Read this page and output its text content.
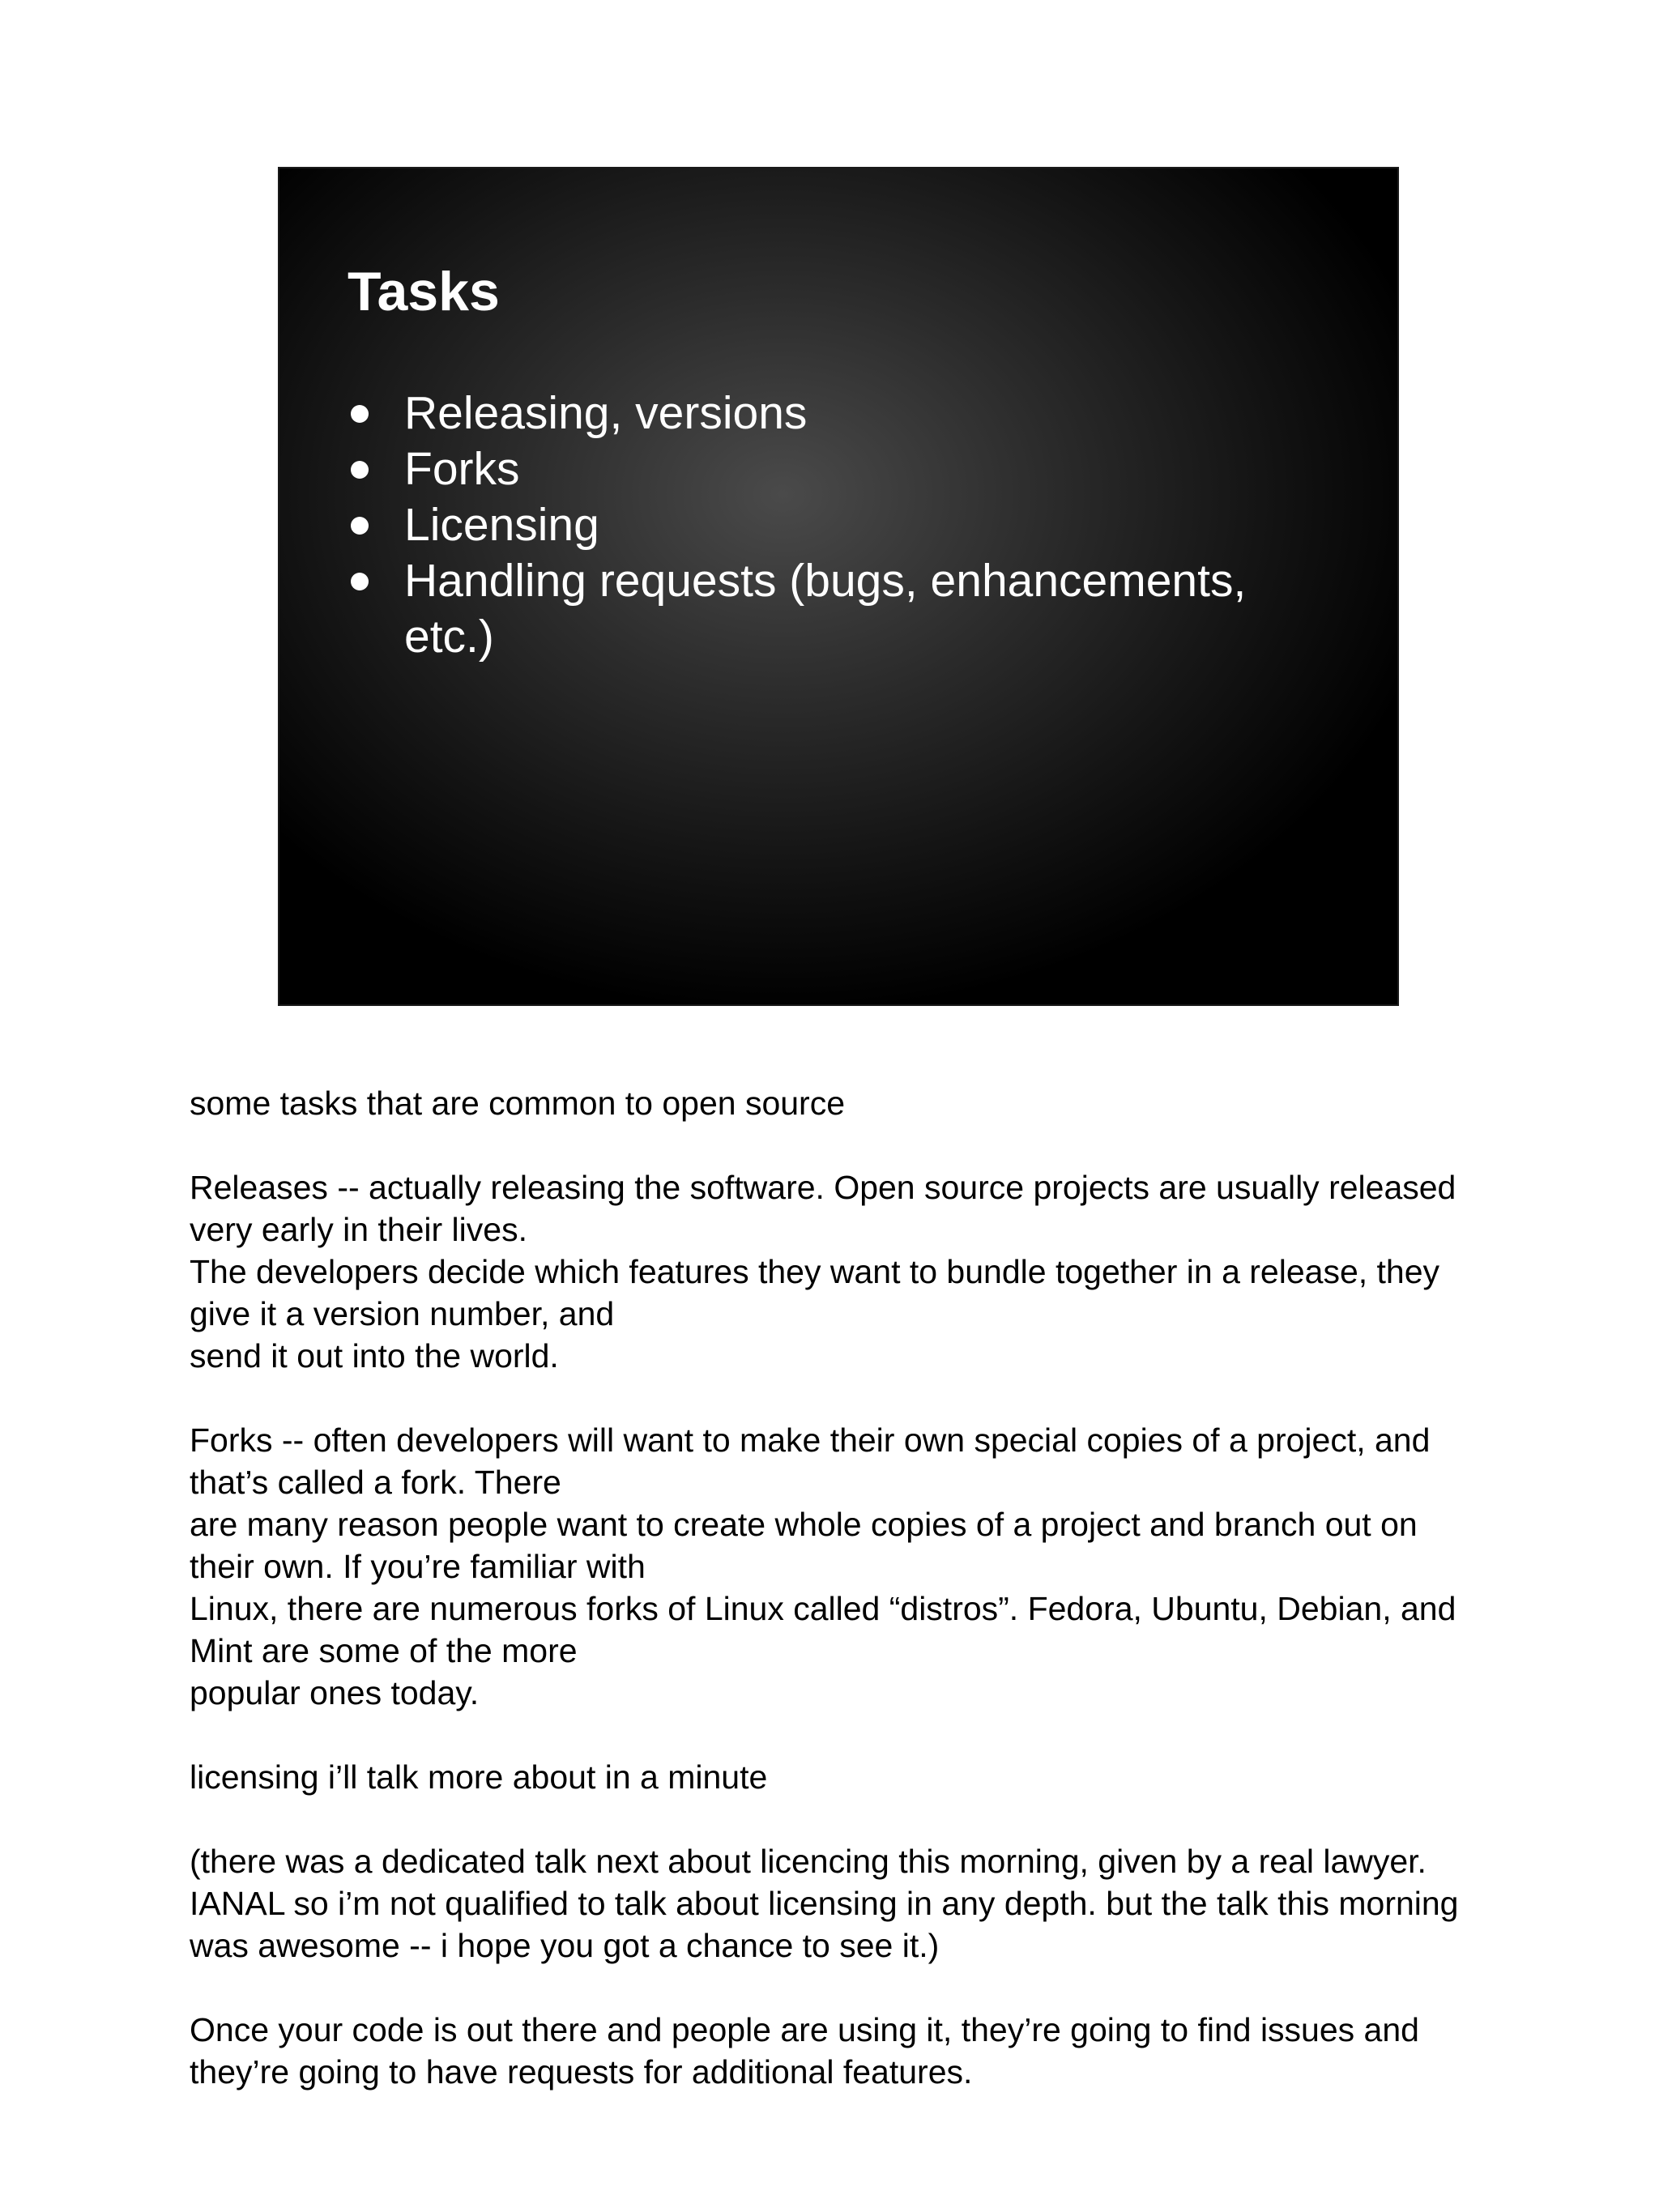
Tasks
Releasing, versions
Forks
Licensing
Handling requests (bugs, enhancements, etc.)

some tasks that are common to open source

Releases -- actually releasing the software. Open source projects are usually released very early in their lives.
The developers decide which features they want to bundle together in a release, they give it a version number, and
send it out into the world.

Forks -- often developers will want to make their own special copies of a project, and that’s called a fork. There
are many reason people want to create whole copies of a project and branch out on their own. If you’re familiar with
Linux, there are numerous forks of Linux called “distros”. Fedora, Ubuntu, Debian, and Mint are some of the more
popular ones today.

licensing i’ll talk more about in a minute

(there was a dedicated talk next about licencing this morning, given by a real lawyer. IANAL so i’m not qualified to talk about licensing in any depth. but the talk this morning was awesome -- i hope you got a chance to see it.)

Once your code is out there and people are using it, they’re going to find issues and they’re going to have requests for additional features.
